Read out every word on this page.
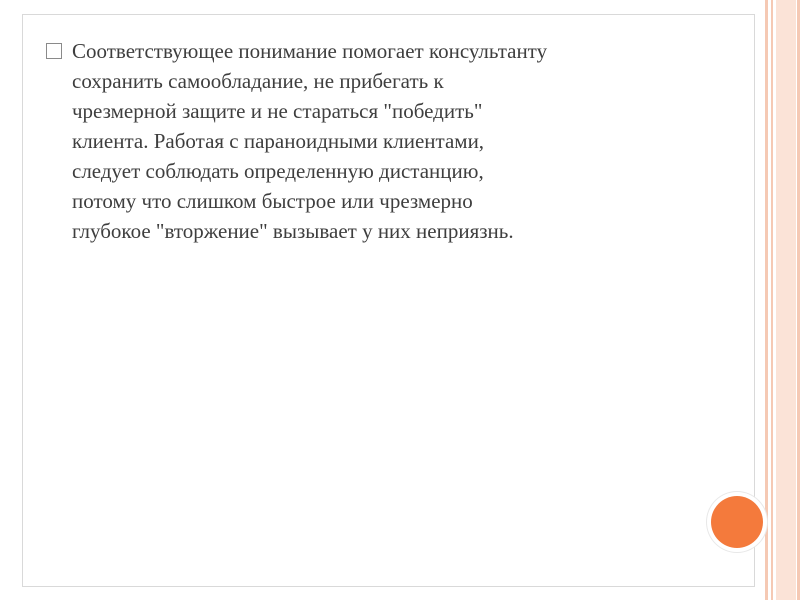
Соответствующее понимание помогает консультанту
сохранить самообладание, не прибегать к
чрезмерной защите и не стараться "победить"
клиента. Работая с параноидными клиентами,
следует соблюдать определенную дистанцию,
потому что слишком быстрое или чрезмерно
глубокое "вторжение" вызывает у них неприязнь.
